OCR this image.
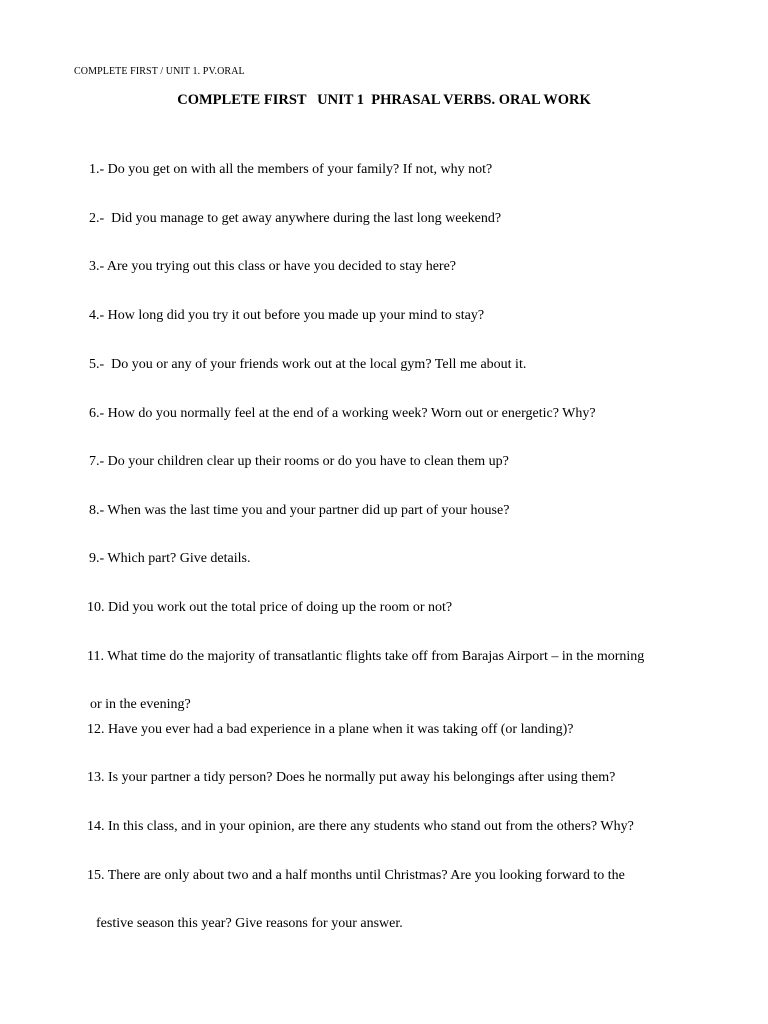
COMPLETE FIRST / UNIT 1. PV.ORAL
COMPLETE FIRST   UNIT 1  PHRASAL VERBS. ORAL WORK

1.- Do you get on with all the members of your family? If not, why not?

2.-  Did you manage to get away anywhere during the last long weekend?

3.- Are you trying out this class or have you decided to stay here?

4.- How long did you try it out before you made up your mind to stay?

5.-  Do you or any of your friends work out at the local gym? Tell me about it.

6.- How do you normally feel at the end of a working week? Worn out or energetic? Why?

7.- Do your children clear up their rooms or do you have to clean them up?

8.- When was the last time you and your partner did up part of your house?

9.- Which part? Give details.

10. Did you work out the total price of doing up the room or not?

11. What time do the majority of transatlantic flights take off from Barajas Airport – in the morning

or in the evening?

12. Have you ever had a bad experience in a plane when it was taking off (or landing)?

13. Is your partner a tidy person? Does he normally put away his belongings after using them?

14. In this class, and in your opinion, are there any students who stand out from the others? Why?

15. There are only about two and a half months until Christmas? Are you looking forward to the

festive season this year? Give reasons for your answer.
